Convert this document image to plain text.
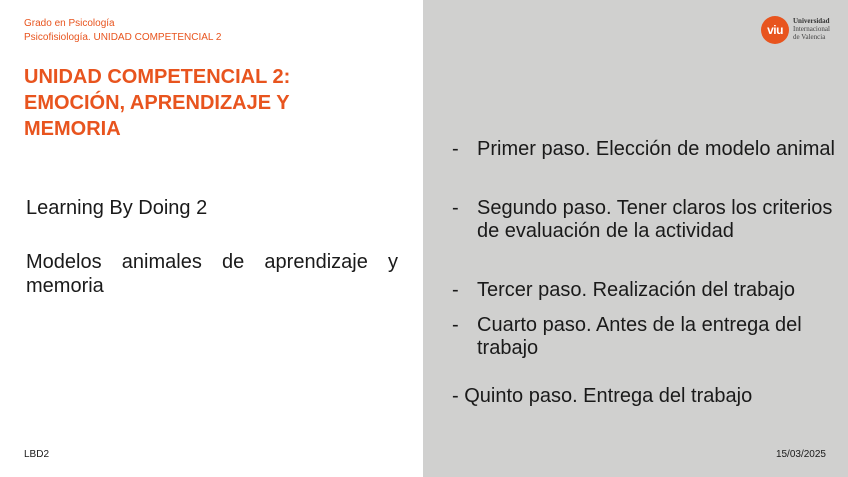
Grado en Psicología
Psicofisiología. UNIDAD COMPETENCIAL 2
UNIDAD COMPETENCIAL 2:
EMOCIÓN, APRENDIZAJE Y
MEMORIA
Learning By Doing 2
Modelos animales de aprendizaje y memoria
viu
Universidad
Internacional
de Valencia
- Primer paso. Elección de modelo animal
- Segundo paso. Tener claros los criterios de evaluación de la actividad
- Tercer paso. Realización del trabajo
- Cuarto paso. Antes de la entrega del trabajo
- Quinto paso. Entrega del trabajo
LBD2	15/03/2025
